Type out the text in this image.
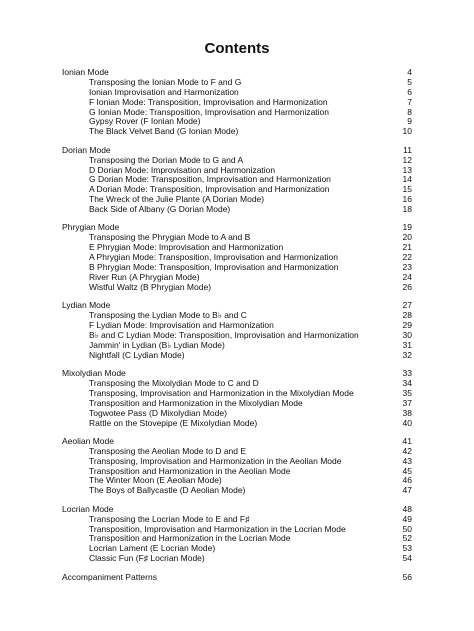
Contents
Ionian Mode	4
Transposing the Ionian Mode to F and G	5
Ionian Improvisation and Harmonization	6
F Ionian Mode: Transposition, Improvisation and Harmonization	7
G Ionian Mode: Transposition, Improvisation and Harmonization	8
Gypsy Rover (F Ionian Mode)	9
The Black Velvet Band (G Ionian Mode)	10
Dorian Mode	11
Transposing the Dorian Mode to G and A	12
D Dorian Mode: Improvisation and Harmonization	13
G Dorian Mode: Transposition, Improvisation and Harmonization	14
A Dorian Mode: Transposition, Improvisation and Harmonization	15
The Wreck of the Julie Plante (A Dorian Mode)	16
Back Side of Albany (G Dorian Mode)	18
Phrygian Mode	19
Transposing the Phrygian Mode to A and B	20
E Phrygian Mode: Improvisation and Harmonization	21
A Phrygian Mode: Transposition, Improvisation and Harmonization	22
B Phrygian Mode: Transposition, Improvisation and Harmonization	23
River Run (A Phrygian Mode)	24
Wistful Waltz (B Phrygian Mode)	26
Lydian Mode	27
Transposing the Lydian Mode to B♭ and C	28
F Lydian Mode: Improvisation and Harmonization	29
B♭ and C Lydian Mode: Transposition, Improvisation and Harmonization	30
Jammin' in Lydian (B♭ Lydian Mode)	31
Nightfall (C Lydian Mode)	32
Mixolydian Mode	33
Transposing the Mixolydian Mode to C and D	34
Transposing, Improvisation and Harmonization in the Mixolydian Mode	35
Transposition and Harmonization in the Mixolydian Mode	37
Togwotee Pass (D Mixolydian Mode)	38
Rattle on the Stovepipe (E Mixolydian Mode)	40
Aeolian Mode	41
Transposing the Aeolian Mode to D and E	42
Transposing, Improvisation and Harmonization in the Aeolian Mode	43
Transposition and Harmonization in the Aeolian Mode	45
The Winter Moon (E Aeolian Mode)	46
The Boys of Ballycastle (D Aeolian Mode)	47
Locrian Mode	48
Transposing the Locrian Mode to E and F♯	49
Transposition, Improvisation and Harmonization in the Locrian Mode	50
Transposition and Harmonization in the Locrian Mode	52
Locrian Lament (E Locrian Mode)	53
Classic Fun (F♯ Locrian Mode)	54
Accompaniment Patterns	56
